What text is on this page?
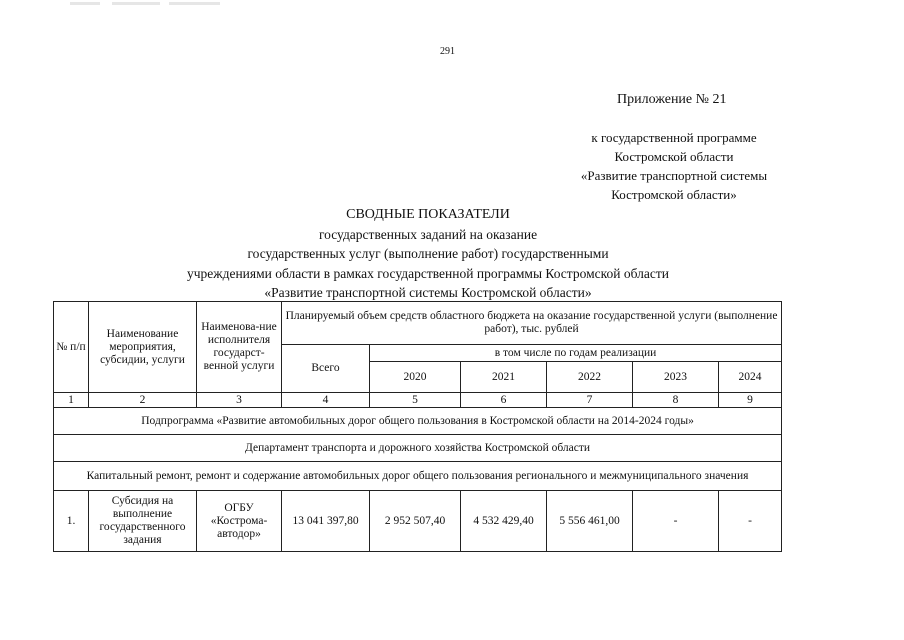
291
Приложение № 21
к государственной программе
Костромской области
«Развитие транспортной системы
Костромской области»
СВОДНЫЕ ПОКАЗАТЕЛИ
государственных заданий на оказание
государственных услуг (выполнение работ) государственными
учреждениями области в рамках государственной программы Костромской области
«Развитие транспортной системы Костромской области»
№ п/п	Наименование мероприятия, субсидии, услуги	Наименова-ние исполнителя государст-венной услуги	Планируемый объем средств областного бюджета на оказание государственной услуги (выполнение работ), тыс. рублей					
			Всего	в том числе по годам реализации				
				2020	2021	2022	2023	2024
1	2	3	4	5	6	7	8	9
Подпрограмма «Развитие автомобильных дорог общего пользования в Костромской области на 2014-2024 годы»								
Департамент транспорта и дорожного хозяйства Костромской области								
Капитальный ремонт, ремонт и содержание автомобильных дорог общего пользования регионального и межмуниципального значения								
1.	Субсидия на выполнение государственного задания	ОГБУ «Кострома-автодор»	13 041 397,80	2 952 507,40	4 532 429,40	5 556 461,00	-	-
